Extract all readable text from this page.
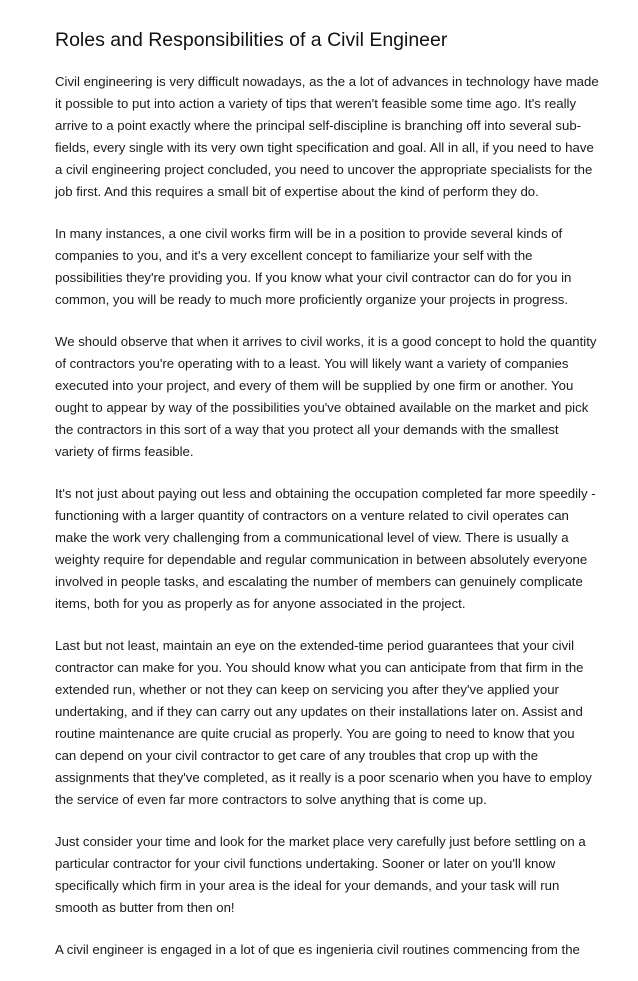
Roles and Responsibilities of a Civil Engineer
Civil engineering is very difficult nowadays, as the a lot of advances in technology have made
it possible to put into action a variety of tips that weren't feasible some time ago. It's really
arrive to a point exactly where the principal self-discipline is branching off into several sub-
fields, every single with its very own tight specification and goal. All in all, if you need to have
a civil engineering project concluded, you need to uncover the appropriate specialists for the
job first. And this requires a small bit of expertise about the kind of perform they do.
In many instances, a one civil works firm will be in a position to provide several kinds of
companies to you, and it's a very excellent concept to familiarize your self with the
possibilities they're providing you. If you know what your civil contractor can do for you in
common, you will be ready to much more proficiently organize your projects in progress.
We should observe that when it arrives to civil works, it is a good concept to hold the quantity
of contractors you're operating with to a least. You will likely want a variety of companies
executed into your project, and every of them will be supplied by one firm or another. You
ought to appear by way of the possibilities you've obtained available on the market and pick
the contractors in this sort of a way that you protect all your demands with the smallest
variety of firms feasible.
It's not just about paying out less and obtaining the occupation completed far more speedily -
functioning with a larger quantity of contractors on a venture related to civil operates can
make the work very challenging from a communicational level of view. There is usually a
weighty require for dependable and regular communication in between absolutely everyone
involved in people tasks, and escalating the number of members can genuinely complicate
items, both for you as properly as for anyone associated in the project.
Last but not least, maintain an eye on the extended-time period guarantees that your civil
contractor can make for you. You should know what you can anticipate from that firm in the
extended run, whether or not they can keep on servicing you after they've applied your
undertaking, and if they can carry out any updates on their installations later on. Assist and
routine maintenance are quite crucial as properly. You are going to need to know that you
can depend on your civil contractor to get care of any troubles that crop up with the
assignments that they've completed, as it really is a poor scenario when you have to employ
the service of even far more contractors to solve anything that is come up.
Just consider your time and look for the market place very carefully just before settling on a
particular contractor for your civil functions undertaking. Sooner or later on you'll know
specifically which firm in your area is the ideal for your demands, and your task will run
smooth as butter from then on!
A civil engineer is engaged in a lot of que es ingenieria civil routines commencing from the
